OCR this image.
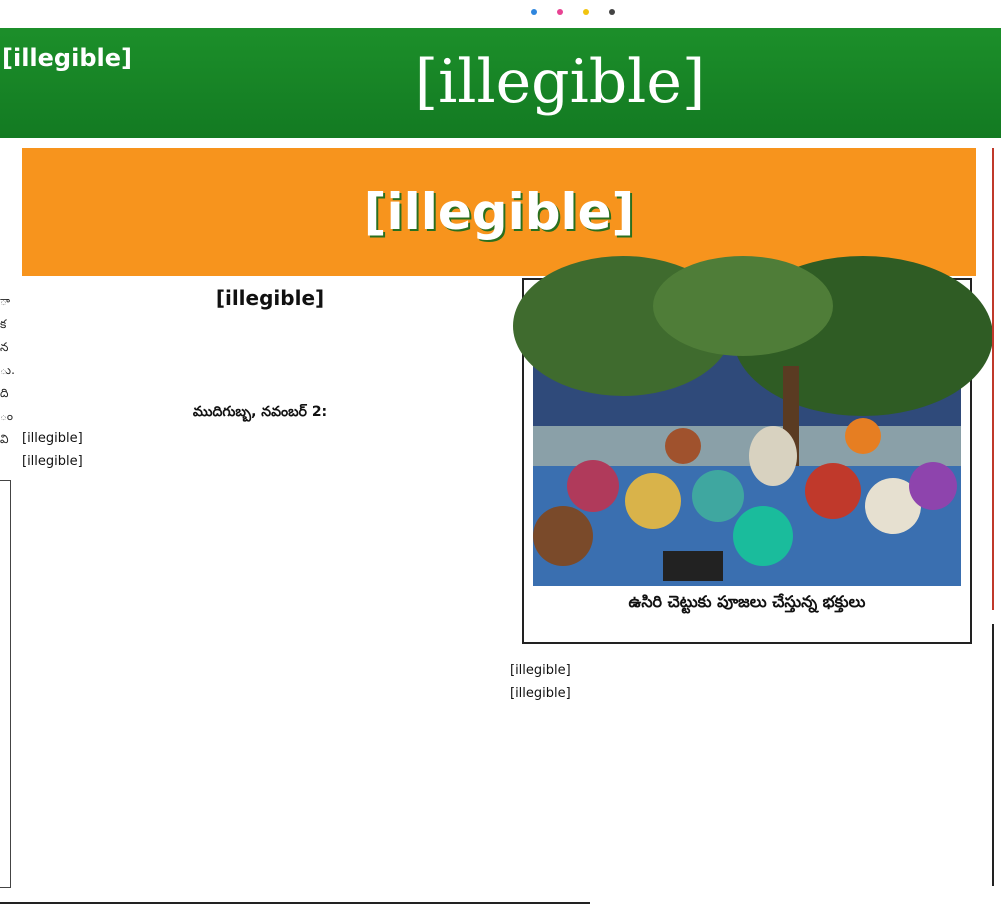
[illegible]	[illegible]
[illegible]
ా
క
న
ు.
ది
ం
వి
[illegible]
ముదిగుబ్బ, నవంబర్ 2:

[illegible]

[illegible]

ఉసిరి చెట్టుకు పూజలు చేస్తున్న భక్తులు

[illegible]

[illegible]
